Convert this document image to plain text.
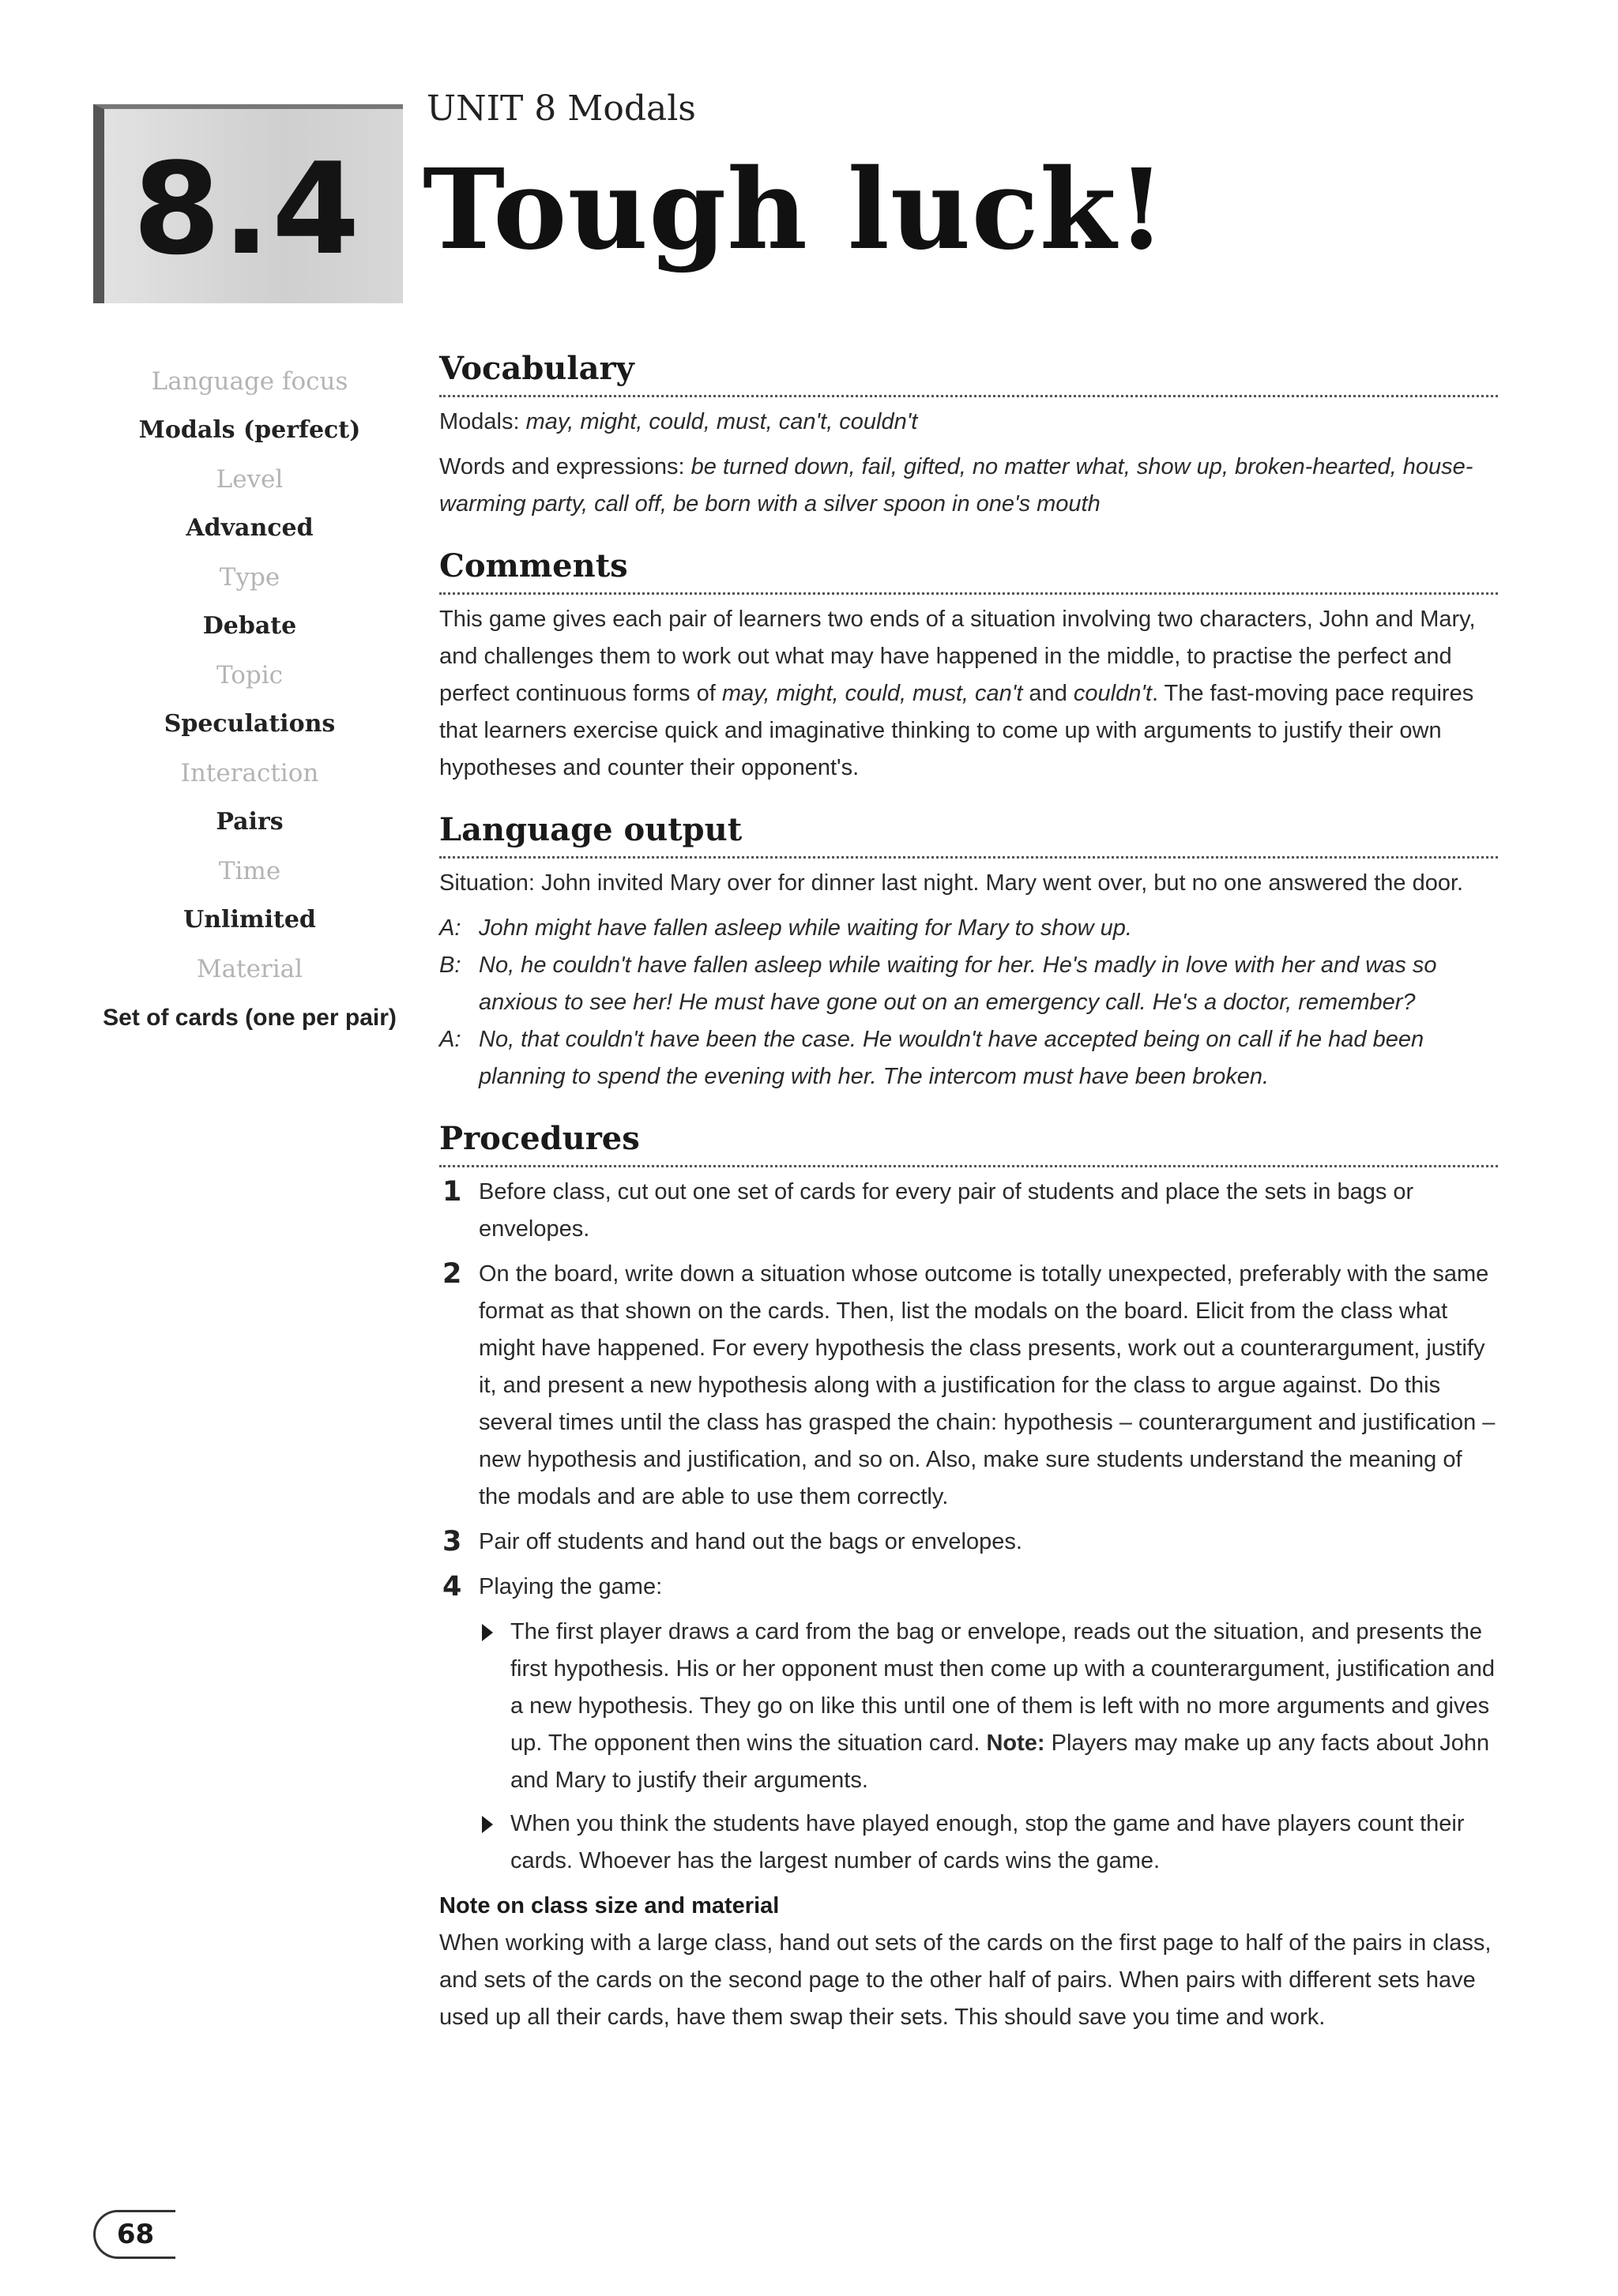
8.4
UNIT 8 Modals
Tough luck!
Language focus
Modals (perfect)
Level
Advanced
Type
Debate
Topic
Speculations
Interaction
Pairs
Time
Unlimited
Material
Set of cards (one per pair)
Vocabulary

Modals: may, might, could, must, can't, couldn't

Words and expressions: be turned down, fail, gifted, no matter what, show up, broken-hearted, house-warming party, call off, be born with a silver spoon in one's mouth

Comments

This game gives each pair of learners two ends of a situation involving two characters, John and Mary, and challenges them to work out what may have happened in the middle, to practise the perfect and perfect continuous forms of may, might, could, must, can't and couldn't. The fast-moving pace requires that learners exercise quick and imaginative thinking to come up with arguments to justify their own hypotheses and counter their opponent's.

Language output

Situation: John invited Mary over for dinner last night. Mary went over, but no one answered the door.

A: John might have fallen asleep while waiting for Mary to show up.
B: No, he couldn't have fallen asleep while waiting for her. He's madly in love with her and was so anxious to see her! He must have gone out on an emergency call. He's a doctor, remember?
A: No, that couldn't have been the case. He wouldn't have accepted being on call if he had been planning to spend the evening with her. The intercom must have been broken.
Procedures
1 Before class, cut out one set of cards for every pair of students and place the sets in bags or envelopes.
2 On the board, write down a situation whose outcome is totally unexpected, preferably with the same format as that shown on the cards. Then, list the modals on the board. Elicit from the class what might have happened. For every hypothesis the class presents, work out a counterargument, justify it, and present a new hypothesis along with a justification for the class to argue against. Do this several times until the class has grasped the chain: hypothesis – counterargument and justification – new hypothesis and justification, and so on. Also, make sure students understand the meaning of the modals and are able to use them correctly.
3 Pair off students and hand out the bags or envelopes.
4 Playing the game:
The first player draws a card from the bag or envelope, reads out the situation, and presents the first hypothesis. His or her opponent must then come up with a counterargument, justification and a new hypothesis. They go on like this until one of them is left with no more arguments and gives up. The opponent then wins the situation card. Note: Players may make up any facts about John and Mary to justify their arguments.
When you think the students have played enough, stop the game and have players count their cards. Whoever has the largest number of cards wins the game.
Note on class size and material

When working with a large class, hand out sets of the cards on the first page to half of the pairs in class, and sets of the cards on the second page to the other half of pairs. When pairs with different sets have used up all their cards, have them swap their sets. This should save you time and work.

68
